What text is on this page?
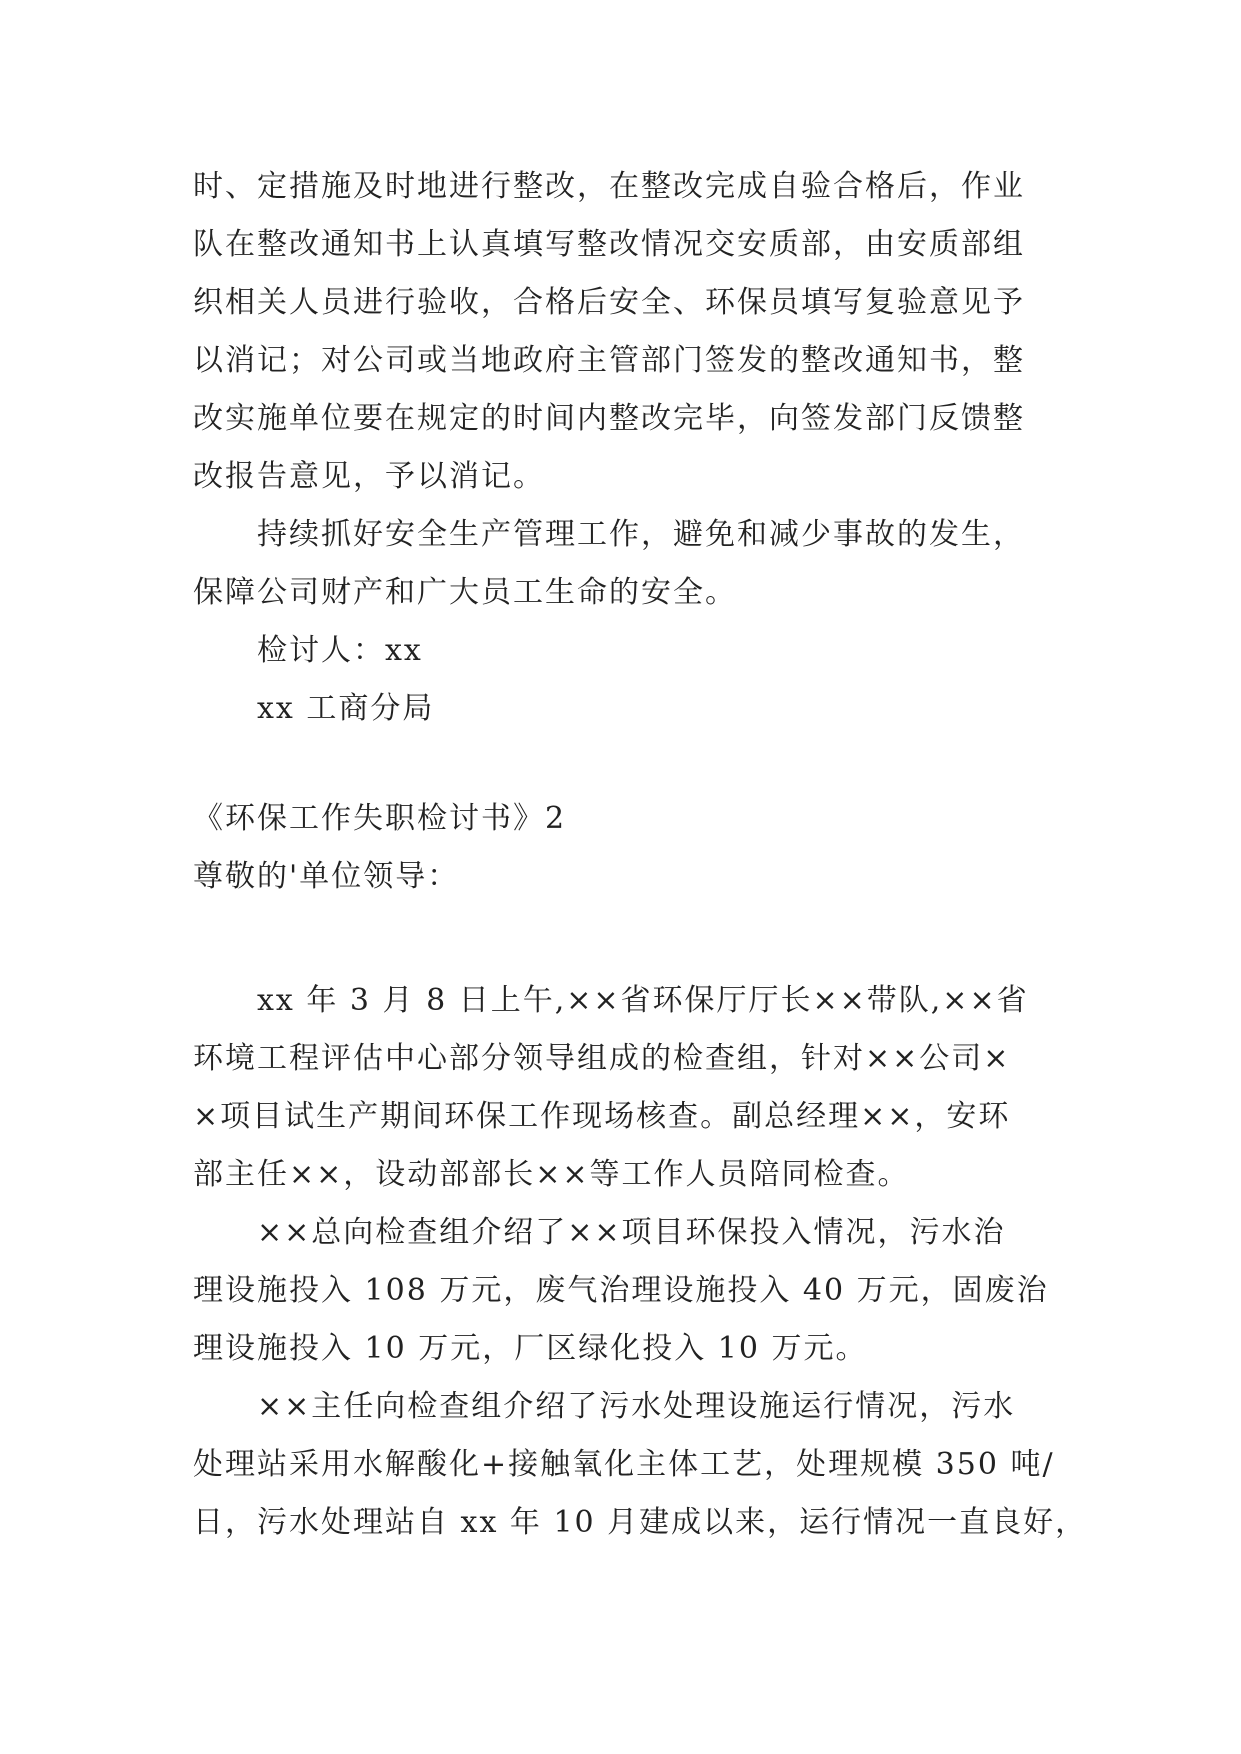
时、定措施及时地进行整改，在整改完成自验合格后，作业
队在整改通知书上认真填写整改情况交安质部，由安质部组
织相关人员进行验收，合格后安全、环保员填写复验意见予
以消记；对公司或当地政府主管部门签发的整改通知书，整
改实施单位要在规定的时间内整改完毕，向签发部门反馈整
改报告意见，予以消记。
持续抓好安全生产管理工作，避免和减少事故的发生，
保障公司财产和广大员工生命的安全。
检讨人：xx
xx 工商分局
《环保工作失职检讨书》2
尊敬的'单位领导：
xx 年 3 月 8 日上午,××省环保厅厅长××带队,××省
环境工程评估中心部分领导组成的检查组，针对××公司×
×项目试生产期间环保工作现场核查。副总经理××，安环
部主任××，设动部部长××等工作人员陪同检查。
××总向检查组介绍了××项目环保投入情况，污水治
理设施投入 108 万元，废气治理设施投入 40 万元，固废治
理设施投入 10 万元，厂区绿化投入 10 万元。
××主任向检查组介绍了污水处理设施运行情况，污水
处理站采用水解酸化+接触氧化主体工艺，处理规模 350 吨/
日，污水处理站自 xx 年 10 月建成以来，运行情况一直良好，
